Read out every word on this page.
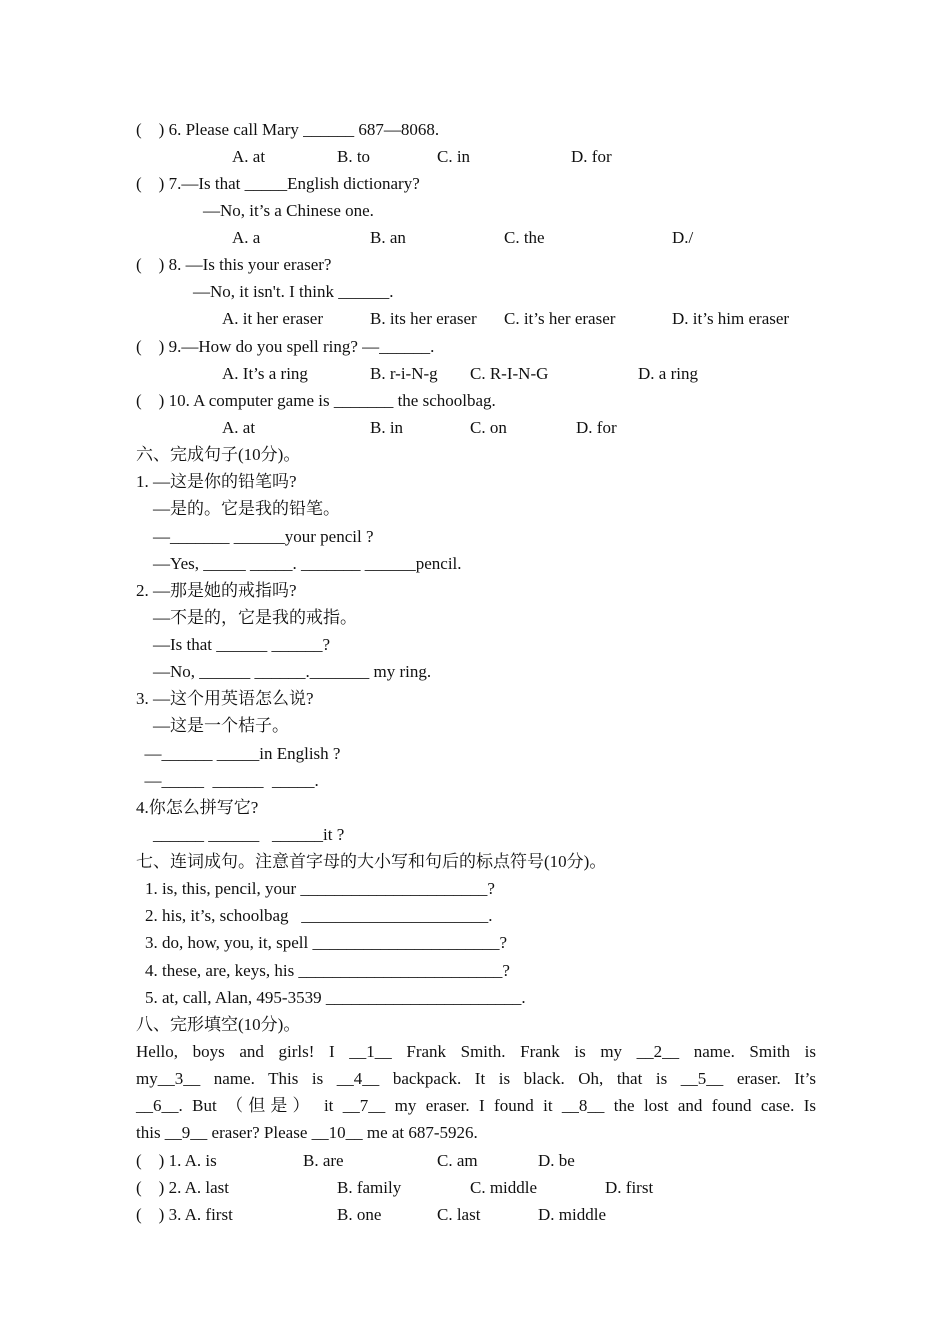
(    ) 6. Please call Mary ______ 687—8068.
A. at	B. to	C. in	D. for
(    ) 7.—Is that _____English dictionary?
—No, it’s a Chinese one.
A. a	B. an	C. the	D./
(    ) 8. —Is this your eraser?
—No, it isn't. I think ______.
A. it her eraser	B. its her eraser C. it’s her eraser	D. it’s him eraser
(    ) 9.—How do you spell ring? —______.
A. It’s a ring	B. r-i-N-g C. R-I-N-G	D. a ring
(    ) 10. A computer game is _______ the schoolbag.
A. at	B. in	C. on	D. for
六、完成句子(10分)。
1. —这是你的铅笔吗?
—是的。它是我的铅笔。
—_______ ______your pencil ?
—Yes, _____ _____. _______ ______pencil.
2. —那是她的戒指吗?
—不是的，它是我的戒指。
—Is that ______ ______?
—No, ______ ______._______ my ring.
3. —这个用英语怎么说?
—这是一个桔子。
—______ _____in English ?
—_____  ______  _____.
4.你怎么拼写它?
______ ______   ______it ?
七、连词成句。注意首字母的大小写和句后的标点符号(10分)。
1. is, this, pencil, your ______________________?
2. his, it’s, schoolbag   ______________________.
3. do, how, you, it, spell ______________________?
4. these, are, keys, his ________________________?
5. at, call, Alan, 495-3539 _______________________.
八、完形填空(10分)。
Hello, boys and girls! I __1__ Frank Smith. Frank is my __2__ name. Smith is
my__3__ name. This is __4__ backpack. It is black. Oh, that is __5__ eraser. It’s
__6__. But （但是） it __7__ my eraser. I found it __8__ the lost and found case. Is
this __9__ eraser? Please __10__ me at 687-5926.
(    ) 1. A. is	B. are	C. am	D. be
(    ) 2. A. last	B. family	C. middle	D. first
(    ) 3. A. first	B. one	C. last	D. middle
